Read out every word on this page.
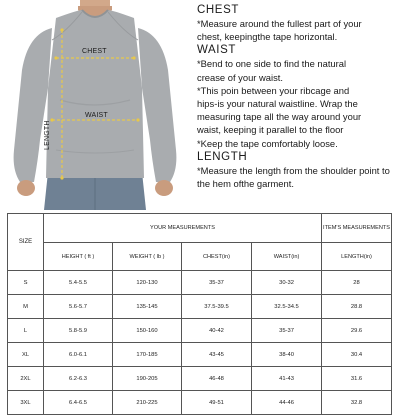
CHEST
WAIST
LENGTH
CHEST
*Measure around the fullest part of your
chest, keepingthe tape horizontal.
WAIST
*Bend to one side to find the natural
crease of your waist.
*This poin between your ribcage and
hips-is your natural waistline. Wrap the
measuring tape all the way around your
waist, keeping it parallel to the floor
*Keep the tape comfortably loose.
LENGTH
*Measure the length from the shoulder point to
the hem ofthe garment.
SIZE	YOUR MEASUREMENTS				ITEM'S MEASUREMENTS
	HEIGHT ( ft )	WEIGHT ( lb )	CHEST(in)	WAIST(in)	LENGTH(in)
S	5.4-5.5	120-130	35-37	30-32	28
M	5.6-5.7	135-145	37.5-39.5	32.5-34.5	28.8
L	5.8-5.9	150-160	40-42	35-37	29.6
XL	6.0-6.1	170-185	43-45	38-40	30.4
2XL	6.2-6.3	190-205	46-48	41-43	31.6
3XL	6.4-6.5	210-225	49-51	44-46	32.8
